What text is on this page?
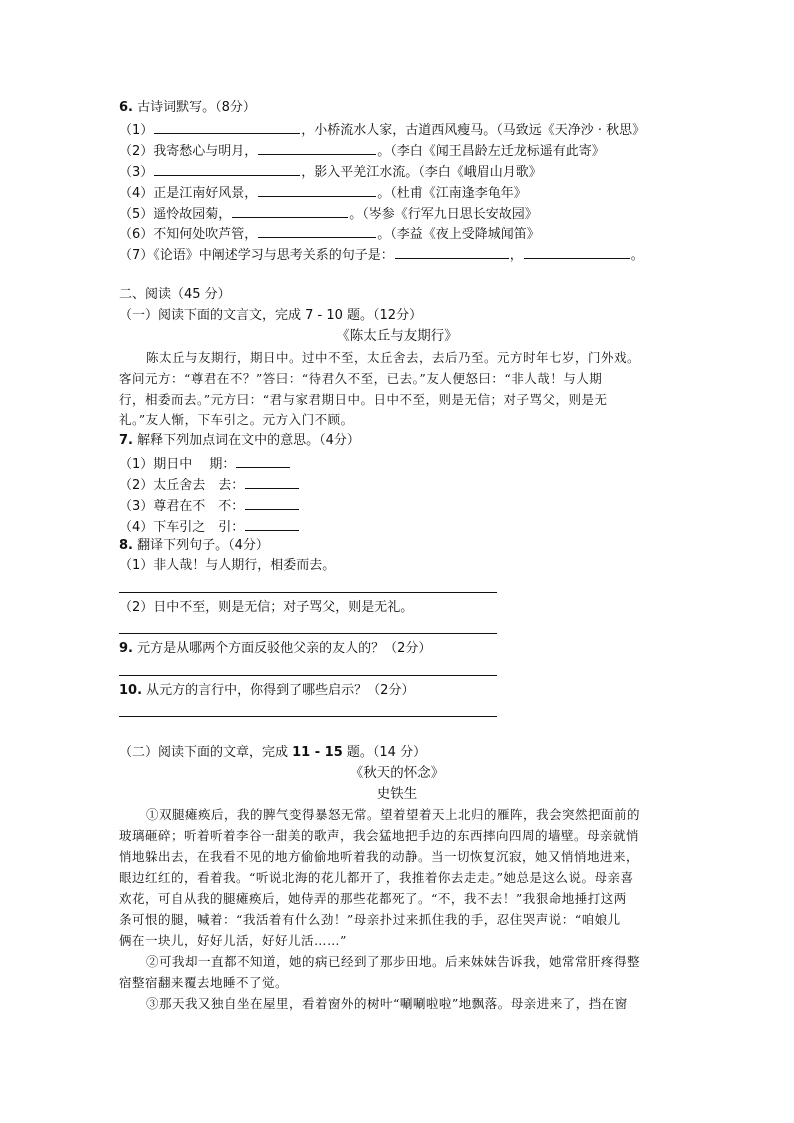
6. 古诗词默写。（8分）
（1）	，小桥流水人家，古道西风瘦马。（马致远《天净沙 · 秋思》
（2）我寄愁心与明月，	。（李白《闻王昌龄左迁龙标遥有此寄》
（3）	，影入平羌江水流。（李白《峨眉山月歌》
（4）正是江南好风景，	。（杜甫《江南逢李龟年》
（5）遥怜故园菊，	。（岑参《行军九日思长安故园》
（6）不知何处吹芦管，	。（李益《夜上受降城闻笛》
（7）《论语》中阐述学习与思考关系的句子是：	，	。
二、阅读（45 分）
（一）阅读下面的文言文，完成 7 - 10 题。（12分）
《陈太丘与友期行》
陈太丘与友期行，期日中。过中不至，太丘舍去，去后乃至。元方时年七岁，门外戏。
客问元方：“尊君在不？”答曰：“待君久不至，已去。”友人便怒曰：“非人哉！与人期
行，相委而去。”元方曰：“君与家君期日中。日中不至，则是无信；对子骂父，则是无
礼。”友人惭，下车引之。元方入门不顾。
7. 解释下列加点词在文中的意思。（4分）
（1）期日中　 期：
（2）太丘舍去　去：
（3）尊君在不　不：
（4）下车引之　引：
8. 翻译下列句子。（4分）
（1）非人哉！与人期行，相委而去。
（2）日中不至，则是无信；对子骂父，则是无礼。
9. 元方是从哪两个方面反驳他父亲的友人的？（2分）
10. 从元方的言行中，你得到了哪些启示？（2分）
（二）阅读下面的文章，完成 11 - 15 题。（14 分）
《秋天的怀念》
史铁生
①双腿瘫痪后，我的脾气变得暴怒无常。望着望着天上北归的雁阵，我会突然把面前的
玻璃砸碎；听着听着李谷一甜美的歌声，我会猛地把手边的东西摔向四周的墙壁。母亲就悄
悄地躲出去，在我看不见的地方偷偷地听着我的动静。当一切恢复沉寂，她又悄悄地进来，
眼边红红的，看着我。“听说北海的花儿都开了，我推着你去走走。”她总是这么说。母亲喜
欢花，可自从我的腿瘫痪后，她侍弄的那些花都死了。“不，我不去！”我狠命地捶打这两
条可恨的腿，喊着：“我活着有什么劲！”母亲扑过来抓住我的手，忍住哭声说：“咱娘儿
俩在一块儿，好好儿活，好好儿活……”
②可我却一直都不知道，她的病已经到了那步田地。后来妹妹告诉我，她常常肝疼得整
宿整宿翻来覆去地睡不了觉。
③那天我又独自坐在屋里，看着窗外的树叶“唰唰啦啦”地飘落。母亲进来了，挡在窗
